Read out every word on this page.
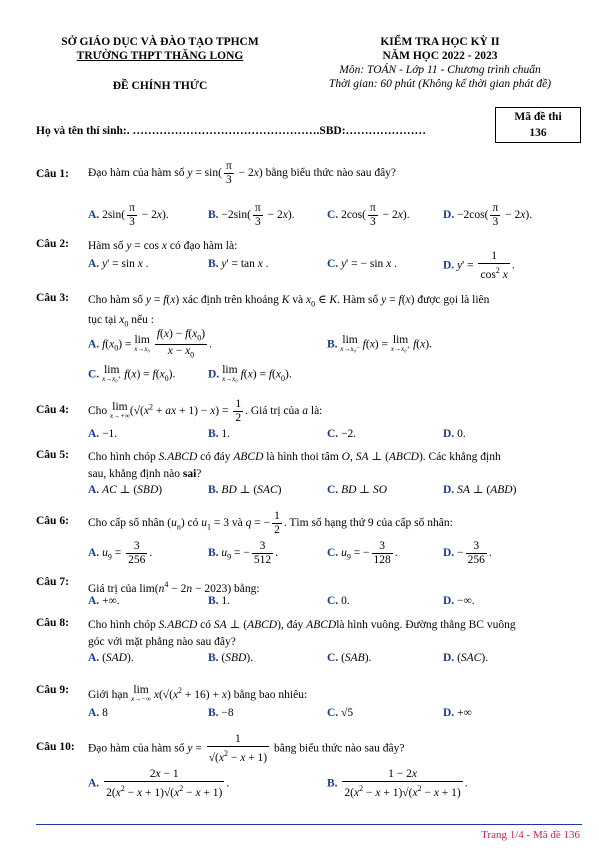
SỞ GIÁO DỤC VÀ ĐÀO TẠO TPHCM
TRƯỜNG THPT THĂNG LONG
ĐỀ CHÍNH THỨC
KIỂM TRA HỌC KỲ II
NĂM HỌC 2022 - 2023
Môn: TOÁN - Lớp 11 - Chương trình chuẩn
Thời gian: 60 phút (Không kể thời gian phát đề)
Mã đề thi
136
Họ và tên thí sinh:. ………………………………………….SBD:…………………
Câu 1: Đạo hàm của hàm số $y = \sin( \frac{\pi}{3} - 2x)$ bằng biểu thức nào sau đây?
A. $2\sin( \frac{\pi}{3} - 2x)$.	B. $-2\sin( \frac{\pi}{3} - 2x)$.	C. $2\cos( \frac{\pi}{3} - 2x)$.	D. $-2\cos( \frac{\pi}{3} - 2x)$.
Câu 2: Hàm số y = cos x có đạo hàm là:
A. y' = sin x .	B. y' = tan x .	C. y' = − sin x .	D. $y' = \frac{1}{\cos^2 x}$ .
Câu 3: Cho hàm số y = f(x) xác định trên khoảng K và $x_0$ ∈ K. Hàm số y = f(x) được gọi là liên
tục tại $x_0$ nếu :
A. $f(x_0) = \lim$
x→x₀
$\frac{f(x) - f(x_0)}{x - x_0}$ .	B. lim
x→x₀⁻ f(x) = lim
x→x₀⁺ f(x).
C. lim
x→x₀⁺ $f(x) = f(x_0)$.	D. lim
x→x₀ $f(x) = f(x_0)$.
Câu 4: Cho lim
x→+∞ ($√(x^2$ + ax + $1) - x) = \frac{1}{2}$ . Giá trị của a là:
A. −1.	B. 1.	C. −2.	D. 0.
Câu 5: Cho hình chóp S.ABCD có đáy ABCD là hình thoi tâm O, SA ⊥ (ABCD). Các khẳng định
sau, khẳng định nào sai?
A. AC ⊥ (SBD)	B. BD ⊥ (SAC)	C. BD ⊥ SO	D. SA ⊥ (ABD)
Câu 6: Cho cấp số nhân $(u_n)$ có $u_1 = 3$ và q = − $\frac{1}{2}$ . Tìm số hạng thứ 9 của cấp số nhân:
A. $u_9 = \frac{3}{256}$ .	B. $u_9$ = − $\frac{3}{512}$ .	C. $u_9$ = − $\frac{3}{128}$ .	D. − $\frac{3}{256}$ .
Câu 7:
Giá trị của $\lim(n^4 - 2n - 2023)$ bằng:
A. +∞.	B. 1.	C. 0.	D. −∞.
Câu 8: Cho hình chóp S.ABCD có SA ⊥ (ABCD), đáy ABCDlà hình vuông. Đường thẳng BC vuông
góc với mặt phẳng nào sau đây?
A. (SAD).	B. (SBD).	C. (SAB).	D. (SAC).
Câu 9: Giới hạn lim
x→−∞ $x(√(x^2 + 16) + x)$ bằng bao nhiêu:
A. 8	B. −8	C. √5	D. +∞
Câu 10: Đạo hàm của hàm số $y = \frac{1}{√(x^2 - x + 1)}$ bằng biểu thức nào sau đây?
A. $\frac{2x - 1}{2(x^2 - x + 1)√(x^2 - x + 1)}$ .	B. $\frac{1 - 2x}{2(x^2 - x + 1)√(x^2 - x + 1)}$ .
Trang 1/4 - Mã đề 136
